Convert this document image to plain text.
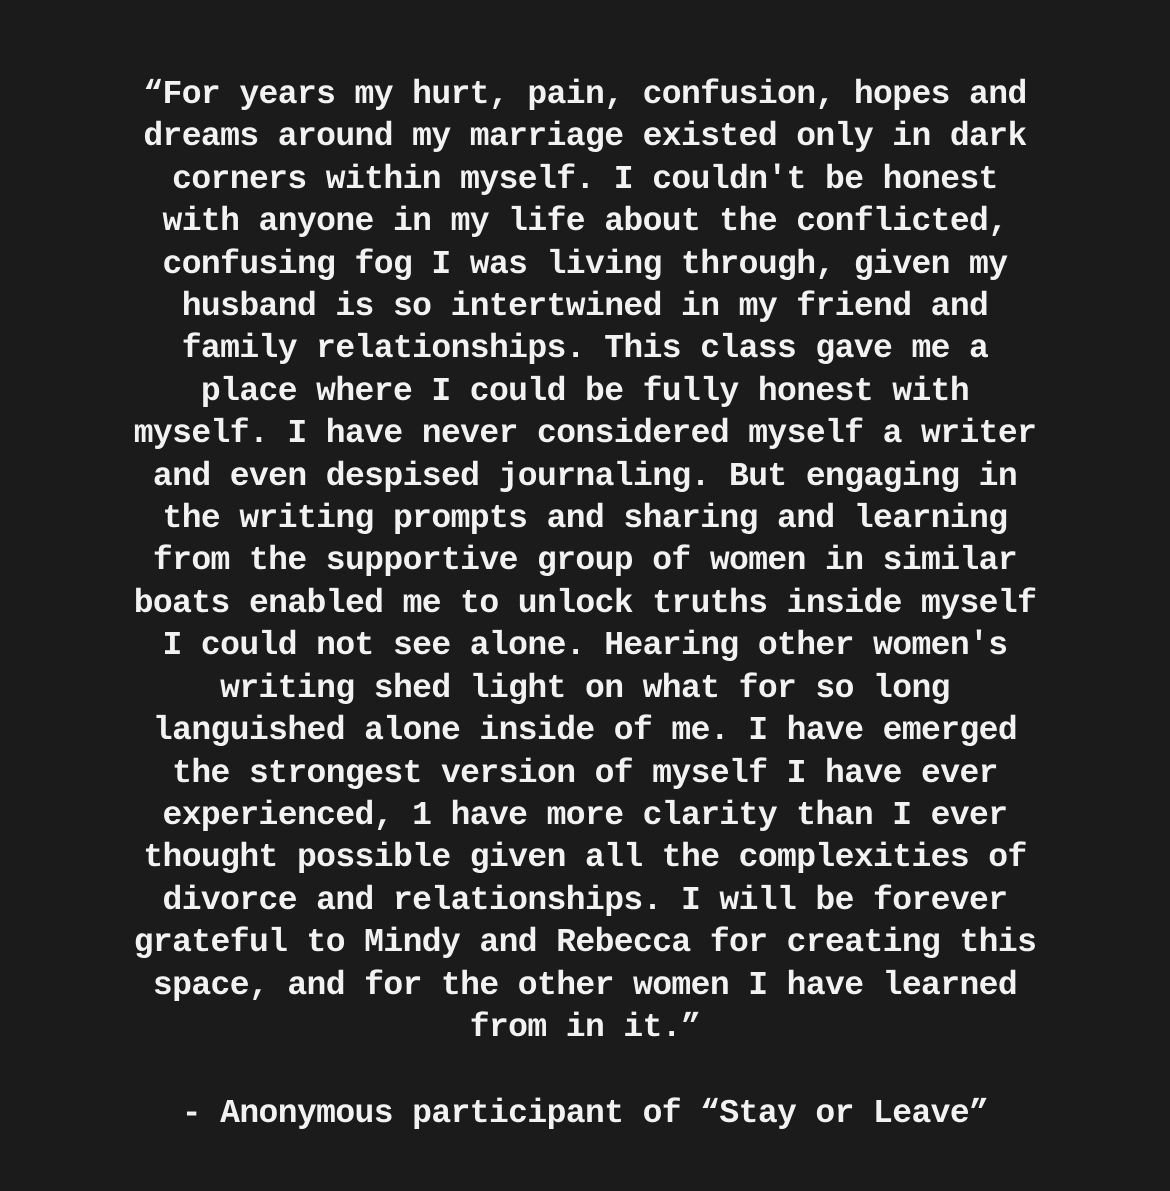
“For years my hurt, pain, confusion, hopes and
dreams around my marriage existed only in dark
corners within myself. I couldn't be honest
with anyone in my life about the conflicted,
confusing fog I was living through, given my
husband is so intertwined in my friend and
family relationships. This class gave me a
place where I could be fully honest with
myself. I have never considered myself a writer
and even despised journaling. But engaging in
the writing prompts and sharing and learning
from the supportive group of women in similar
boats enabled me to unlock truths inside myself
I could not see alone. Hearing other women's
writing shed light on what for so long
languished alone inside of me. I have emerged
the strongest version of myself I have ever
experienced, 1 have more clarity than I ever
thought possible given all the complexities of
divorce and relationships. I will be forever
grateful to Mindy and Rebecca for creating this
space, and for the other women I have learned
from in it.”
- Anonymous participant of “Stay or Leave”
